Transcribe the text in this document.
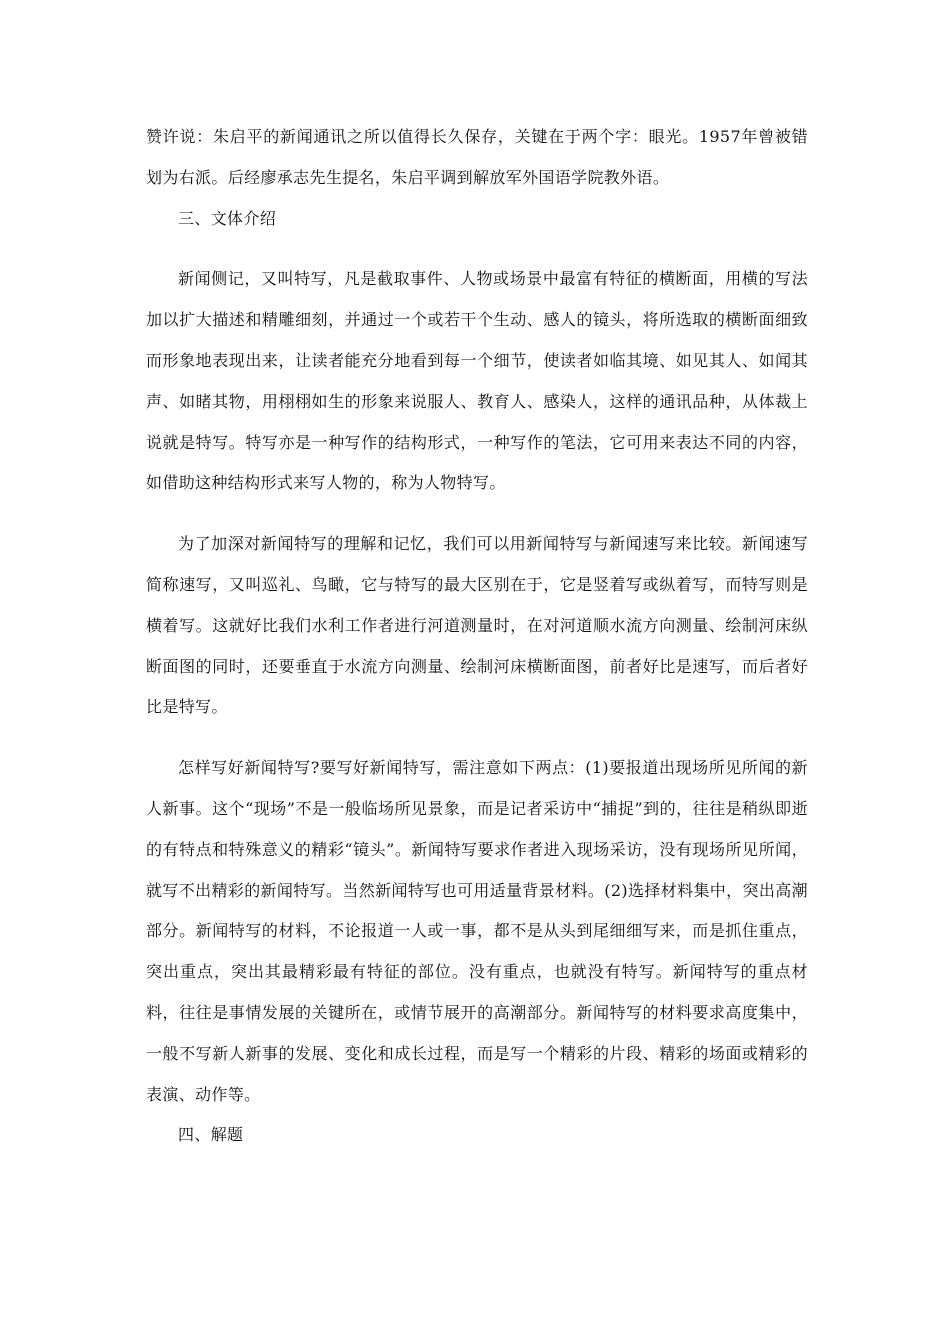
赞许说：朱启平的新闻通讯之所以值得长久保存，关键在于两个字：眼光。1957年曾被错划为右派。后经廖承志先生提名，朱启平调到解放军外国语学院教外语。

三、文体介绍

新闻侧记，又叫特写，凡是截取事件、人物或场景中最富有特征的横断面，用横的写法加以扩大描述和精雕细刻，并通过一个或若干个生动、感人的镜头，将所选取的横断面细致而形象地表现出来，让读者能充分地看到每一个细节，使读者如临其境、如见其人、如闻其声、如睹其物，用栩栩如生的形象来说服人、教育人、感染人，这样的通讯品种，从体裁上说就是特写。特写亦是一种写作的结构形式，一种写作的笔法，它可用来表达不同的内容，如借助这种结构形式来写人物的，称为人物特写。

为了加深对新闻特写的理解和记忆，我们可以用新闻特写与新闻速写来比较。新闻速写简称速写，又叫巡礼、鸟瞰，它与特写的最大区别在于，它是竖着写或纵着写，而特写则是横着写。这就好比我们水利工作者进行河道测量时，在对河道顺水流方向测量、绘制河床纵断面图的同时，还要垂直于水流方向测量、绘制河床横断面图，前者好比是速写，而后者好比是特写。

怎样写好新闻特写?要写好新闻特写，需注意如下两点：(1)要报道出现场所见所闻的新人新事。这个“现场”不是一般临场所见景象，而是记者采访中“捕捉”到的，往往是稍纵即逝的有特点和特殊意义的精彩“镜头”。新闻特写要求作者进入现场采访，没有现场所见所闻，就写不出精彩的新闻特写。当然新闻特写也可用适量背景材料。(2)选择材料集中，突出高潮部分。新闻特写的材料，不论报道一人或一事，都不是从头到尾细细写来，而是抓住重点，突出重点，突出其最精彩最有特征的部位。没有重点，也就没有特写。新闻特写的重点材料，往往是事情发展的关键所在，或情节展开的高潮部分。新闻特写的材料要求高度集中，一般不写新人新事的发展、变化和成长过程，而是写一个精彩的片段、精彩的场面或精彩的表演、动作等。

四、解题
